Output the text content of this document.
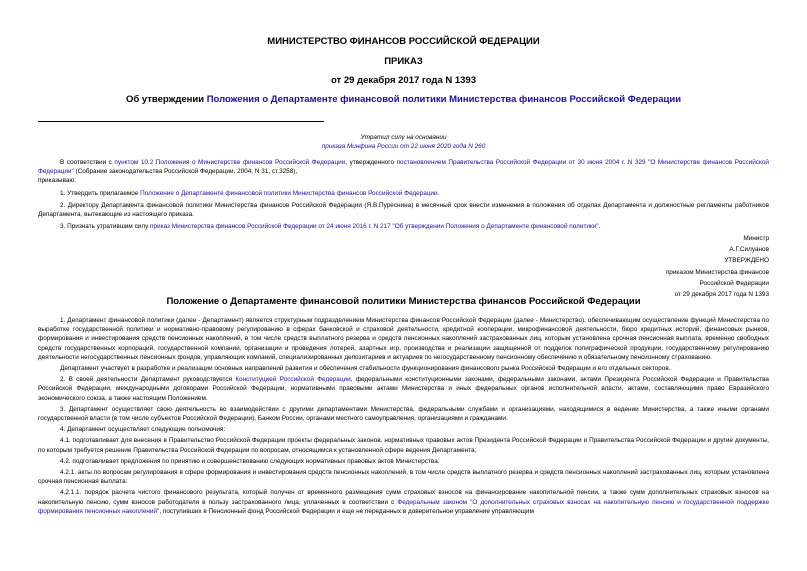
МИНИСТЕРСТВО ФИНАНСОВ РОССИЙСКОЙ ФЕДЕРАЦИИ
ПРИКАЗ
от 29 декабря 2017 года N 1393
Об утверждении Положения о Департаменте финансовой политики Министерства финансов Российской Федерации
Утратил силу на основании
приказа Минфина России от 22 июня 2020 года N 260
В соответствии с пунктом 10.2 Положения о Министерстве финансов Российской Федерации, утвержденного постановлением Правительства Российской Федерации от 30 июня 2004 г. N 329 "О Министерстве финансов Российской Федерации" (Собрание законодательства Российской Федерации, 2004, N 31, ст.3258),
приказываю:
1. Утвердить прилагаемое Положение о Департаменте финансовой политики Министерства финансов Российской Федерации.
2. Директору Департамента финансовой политики Министерства финансов Российской Федерации (Я.В.Пуреснина) в месячный срок внести изменения в положения об отделах Департамента и должностные регламенты работников Департамента, вытекающие из настоящего приказа.
3. Признать утратившим силу приказ Министерства финансов Российской Федерации от 24 июня 2016 г. N 217 "Об утверждении Положения о Департаменте финансовой политики".
Министр
А.Г.Силуанов
УТВЕРЖДЕНО
приказом Министерства финансов
Российской Федерации
от 29 декабря 2017 года N 1393
Положение о Департаменте финансовой политики Министерства финансов Российской Федерации
1. Департамент финансовой политики (далее - Департамент) является структурным подразделением Министерства финансов Российской Федерации (далее - Министерство), обеспечивающим осуществление функций Министерства по выработке государственной политики и нормативно-правовому регулированию в сферах банковской и страховой деятельности, кредитной кооперации, микрофинансовой деятельности, бюро кредитных историй, финансовых рынков, формирования и инвестирования средств пенсионных накоплений, в том числе средств выплатного резерва и средств пенсионных накоплений застрахованных лиц, которым установлена срочная пенсионная выплата, временно свободных средств государственных корпораций, государственной компании, организации и проведения лотерей, азартных игр, производства и реализации защищенной от подделок полиграфической продукции, государственному регулированию деятельности негосударственных пенсионных фондов, управляющих компаний, специализированных депозитариев и актуариев по негосударственному пенсионному обеспечению и обязательному пенсионному страхованию.
Департамент участвует в разработке и реализации основных направлений развития и обеспечения стабильности функционирования финансового рынка Российской Федерации и его отдельных секторов.
2. В своей деятельности Департамент руководствуется Конституцией Российской Федерации, федеральными конституционными законами, федеральными законами, актами Президента Российской Федерации и Правительства Российской Федерации, международными договорами Российской Федерации, нормативными правовыми актами Министерства и иных федеральных органов исполнительной власти, актами, составляющими право Евразийского экономического союза, а также настоящим Положением.
3. Департамент осуществляет свою деятельность во взаимодействии с другими департаментами Министерства, федеральными службами и организациями, находящимися в ведении Министерства, а также иными органами государственной власти (в том числе субъектов Российской Федерации), Банком России, органами местного самоуправления, организациями и гражданами.
4. Департамент осуществляет следующие полномочия:
4.1. подготавливает для внесения в Правительство Российской Федерации проекты федеральных законов, нормативных правовых актов Президента Российской Федерации и Правительства Российской Федерации и другие документы, по которым требуется решение Правительства Российской Федерации по вопросам, относящимся к установленной сфере ведения Департамента;
4.2. подготавливает предложения по принятию и совершенствованию следующих нормативных правовых актов Министерства:
4.2.1. акты по вопросам регулирования в сфере формирования и инвестирования средств пенсионных накоплений, в том числе средств выплатного резерва и средств пенсионных накоплений застрахованных лиц, которым установлена срочная пенсионная выплата:
4.2.1.1. порядок расчета чистого финансового результата, который получен от временного размещения сумм страховых взносов на финансирование накопительной пенсии, а также сумм дополнительных страховых взносов на накопительную пенсию, сумм взносов работодателя в пользу застрахованного лица, уплаченных в соответствии с Федеральным законом "О дополнительных страховых взносах на накопительную пенсию и государственной поддержке формирования пенсионных накоплений", поступивших в Пенсионный фонд Российской Федерации и еще не переданных в доверительное управление управляющим
